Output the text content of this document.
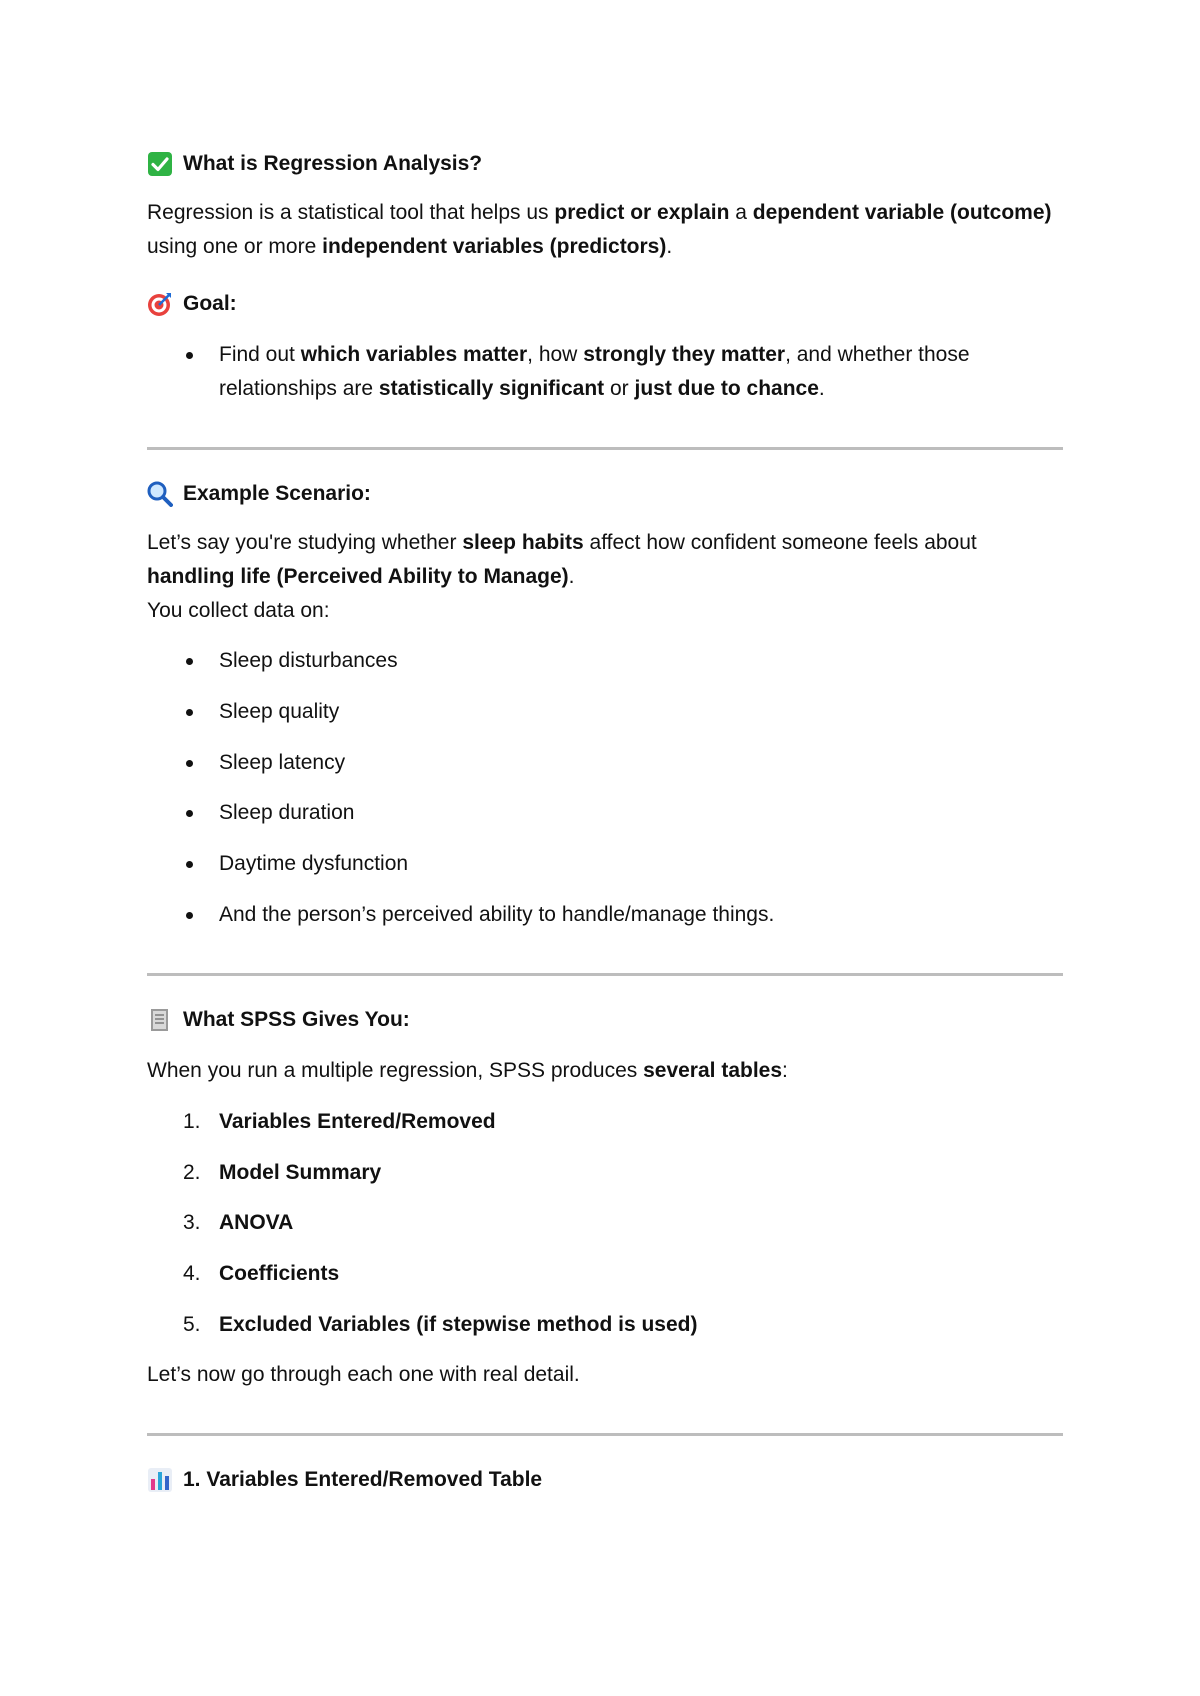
What is Regression Analysis?

Regression is a statistical tool that helps us predict or explain a dependent variable (outcome) using one or more independent variables (predictors).

Goal:
Find out which variables matter, how strongly they matter, and whether those relationships are statistically significant or just due to chance.
Example Scenario:

Let’s say you're studying whether sleep habits affect how confident someone feels about handling life (Perceived Ability to Manage).
You collect data on:

Sleep disturbances
Sleep quality
Sleep latency
Sleep duration
Daytime dysfunction
And the person’s perceived ability to handle/manage things.
What SPSS Gives You:

When you run a multiple regression, SPSS produces several tables:

1. Variables Entered/Removed
2. Model Summary
3. ANOVA
4. Coefficients
5. Excluded Variables (if stepwise method is used)

Let’s now go through each one with real detail.

1. Variables Entered/Removed Table
